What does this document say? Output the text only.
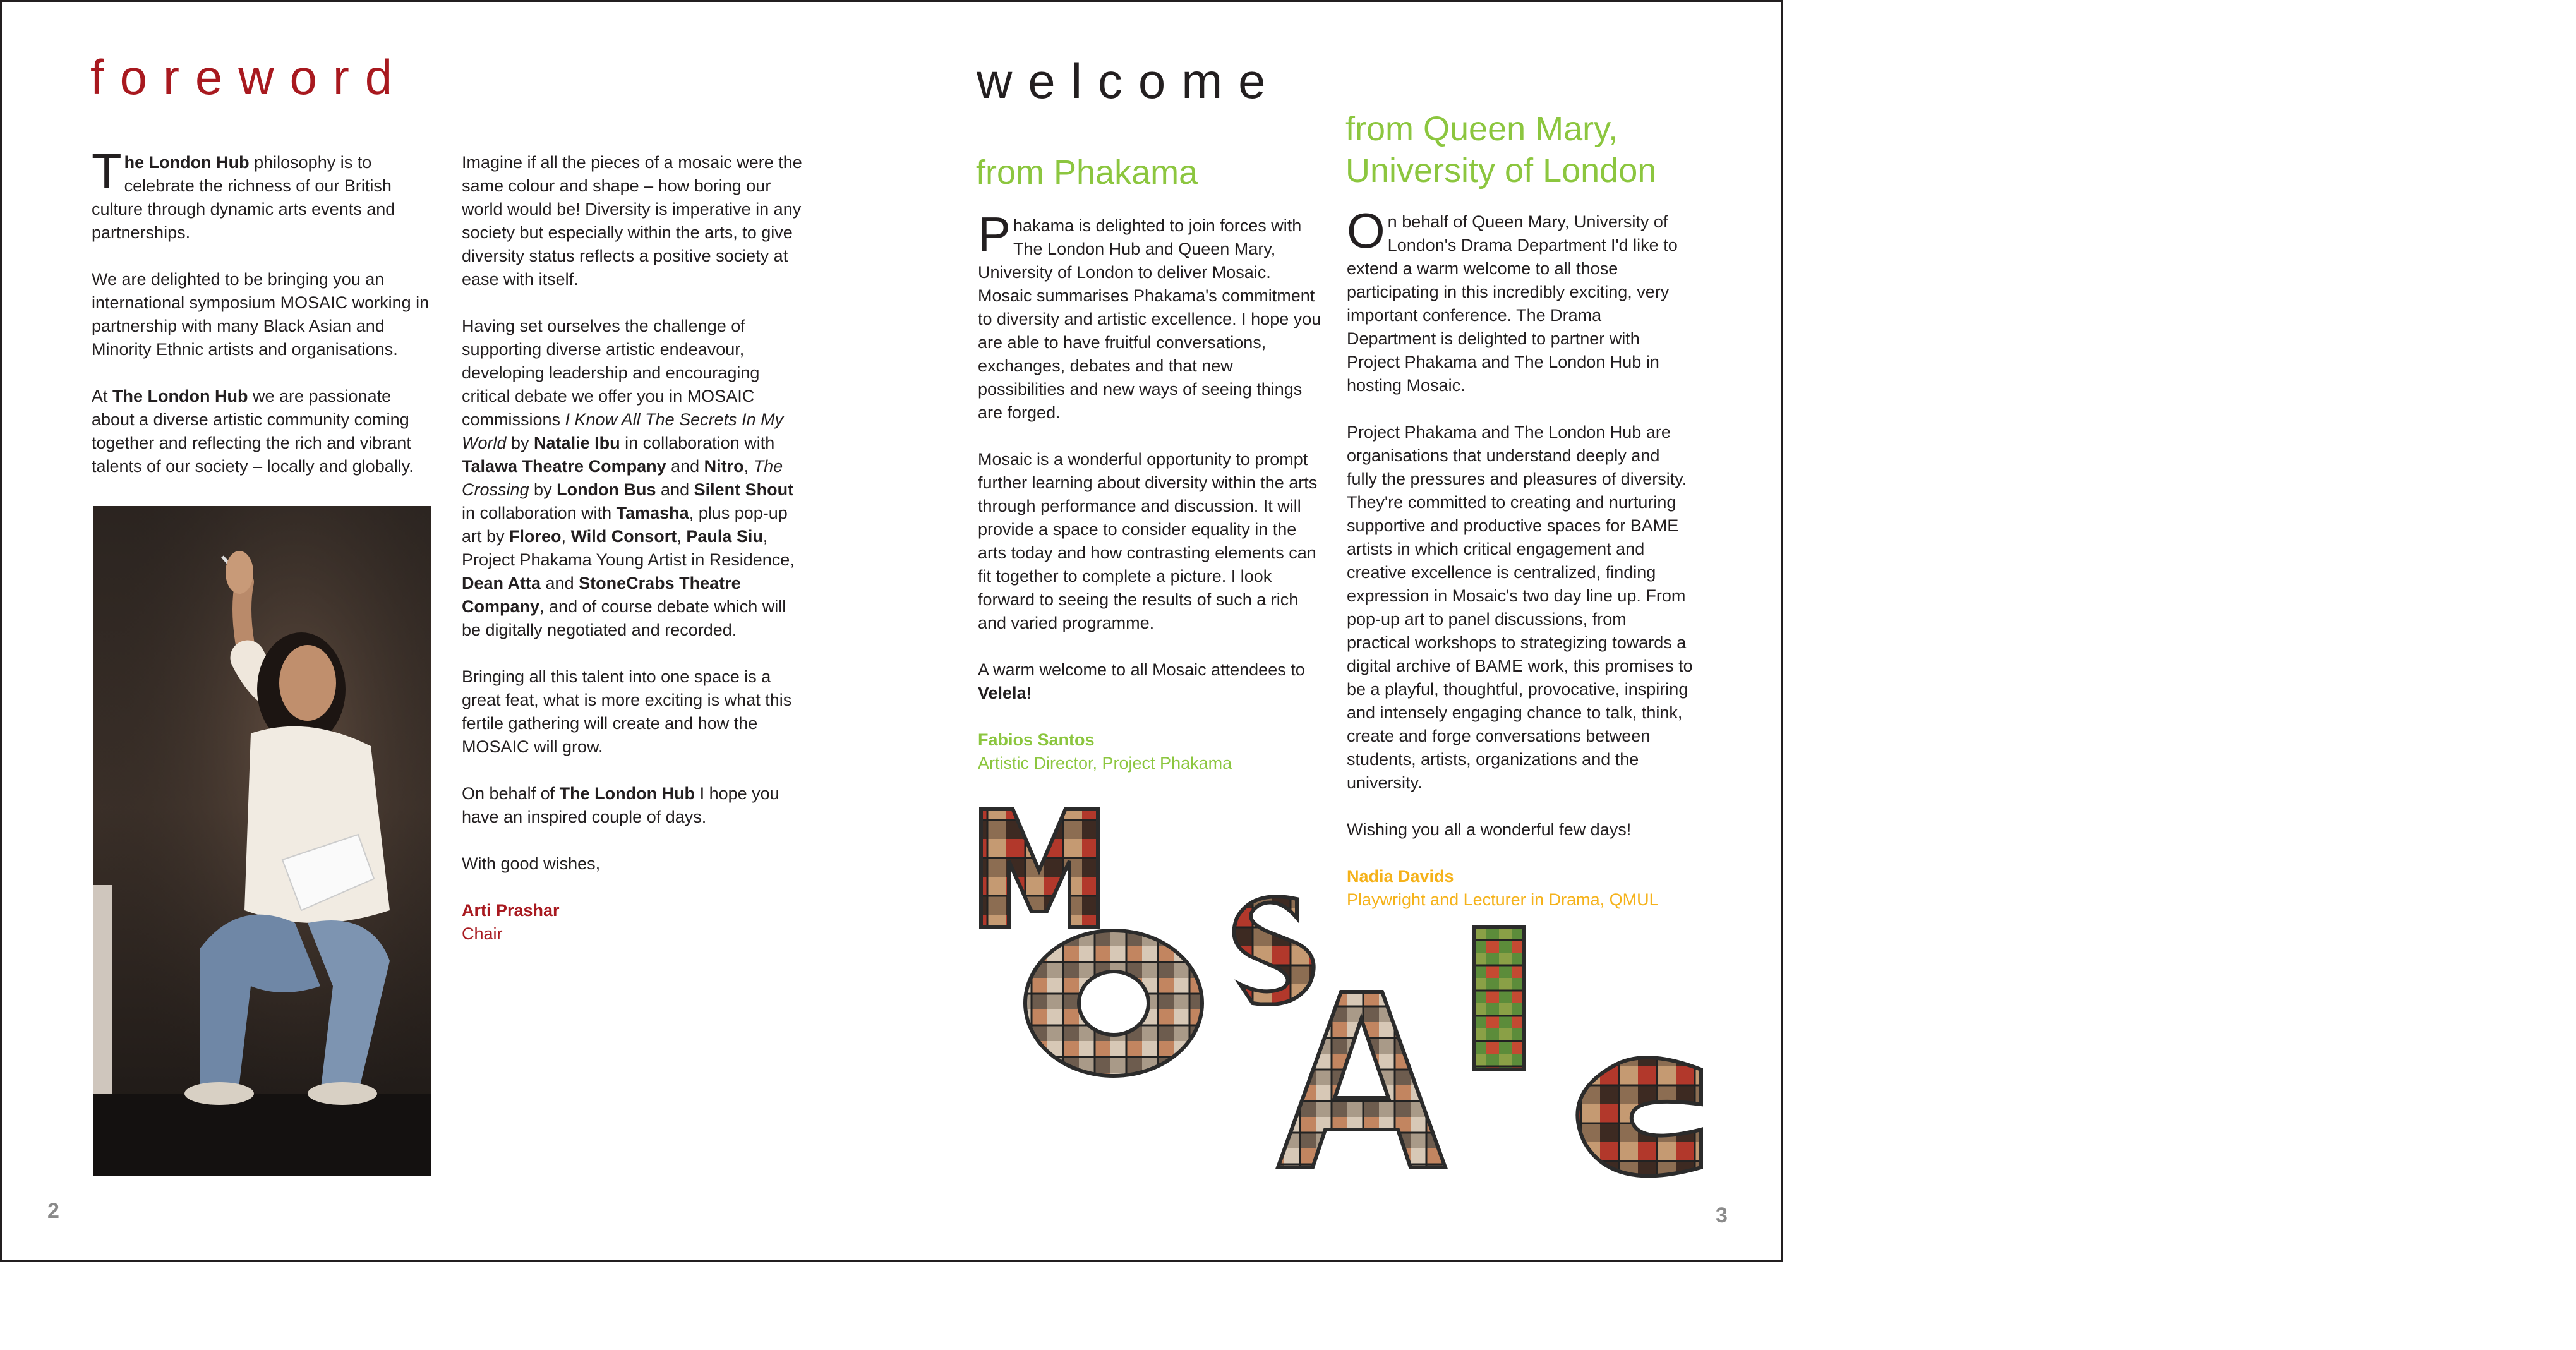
foreword

The London Hub philosophy is to celebrate the richness of our British culture through dynamic arts events and partnerships.

We are delighted to be bringing you an international symposium MOSAIC working in partnership with many Black Asian and Minority Ethnic artists and organisations.

At The London Hub we are passionate about a diverse artistic community coming together and reflecting the rich and vibrant talents of our society – locally and globally.

Imagine if all the pieces of a mosaic were the same colour and shape – how boring our world would be! Diversity is imperative in any society but especially within the arts, to give diversity status reflects a positive society at ease with itself.

Having set ourselves the challenge of supporting diverse artistic endeavour, developing leadership and encouraging critical debate we offer you in MOSAIC commissions I Know All The Secrets In My World by Natalie Ibu in collaboration with Talawa Theatre Company and Nitro, The Crossing by London Bus and Silent Shout in collaboration with Tamasha, plus pop-up art by Floreo, Wild Consort, Paula Siu, Project Phakama Young Artist in Residence, Dean Atta and StoneCrabs Theatre Company, and of course debate which will be digitally negotiated and recorded.

Bringing all this talent into one space is a great feat, what is more exciting is what this fertile gathering will create and how the MOSAIC will grow.

On behalf of The London Hub I hope you have an inspired couple of days.

With good wishes,

Arti Prashar
Chair

2
welcome
from Phakama

Phakama is delighted to join forces with The London Hub and Queen Mary, University of London to deliver Mosaic. Mosaic summarises Phakama's commitment to diversity and artistic excellence. I hope you are able to have fruitful conversations, exchanges, debates and that new possibilities and new ways of seeing things are forged.

Mosaic is a wonderful opportunity to prompt further learning about diversity within the arts through performance and discussion. It will provide a space to consider equality in the arts today and how contrasting elements can fit together to complete a picture. I look forward to seeing the results of such a rich and varied programme.

A warm welcome to all Mosaic attendees to Velela!

Fabios Santos
Artistic Director, Project Phakama

from Queen Mary,
University of London

On behalf of Queen Mary, University of London's Drama Department I'd like to extend a warm welcome to all those participating in this incredibly exciting, very important conference. The Drama Department is delighted to partner with Project Phakama and The London Hub in hosting Mosaic.

Project Phakama and The London Hub are organisations that understand deeply and fully the pressures and pleasures of diversity. They're committed to creating and nurturing supportive and productive spaces for BAME artists in which critical engagement and creative excellence is centralized, finding expression in Mosaic's two day line up. From pop-up art to panel discussions, from practical workshops to strategizing towards a digital archive of BAME work, this promises to be a playful, thoughtful, provocative, inspiring and intensely engaging chance to talk, think, create and forge conversations between students, artists, organizations and the university.

Wishing you all a wonderful few days!

Nadia Davids
Playwright and Lecturer in Drama, QMUL

3
